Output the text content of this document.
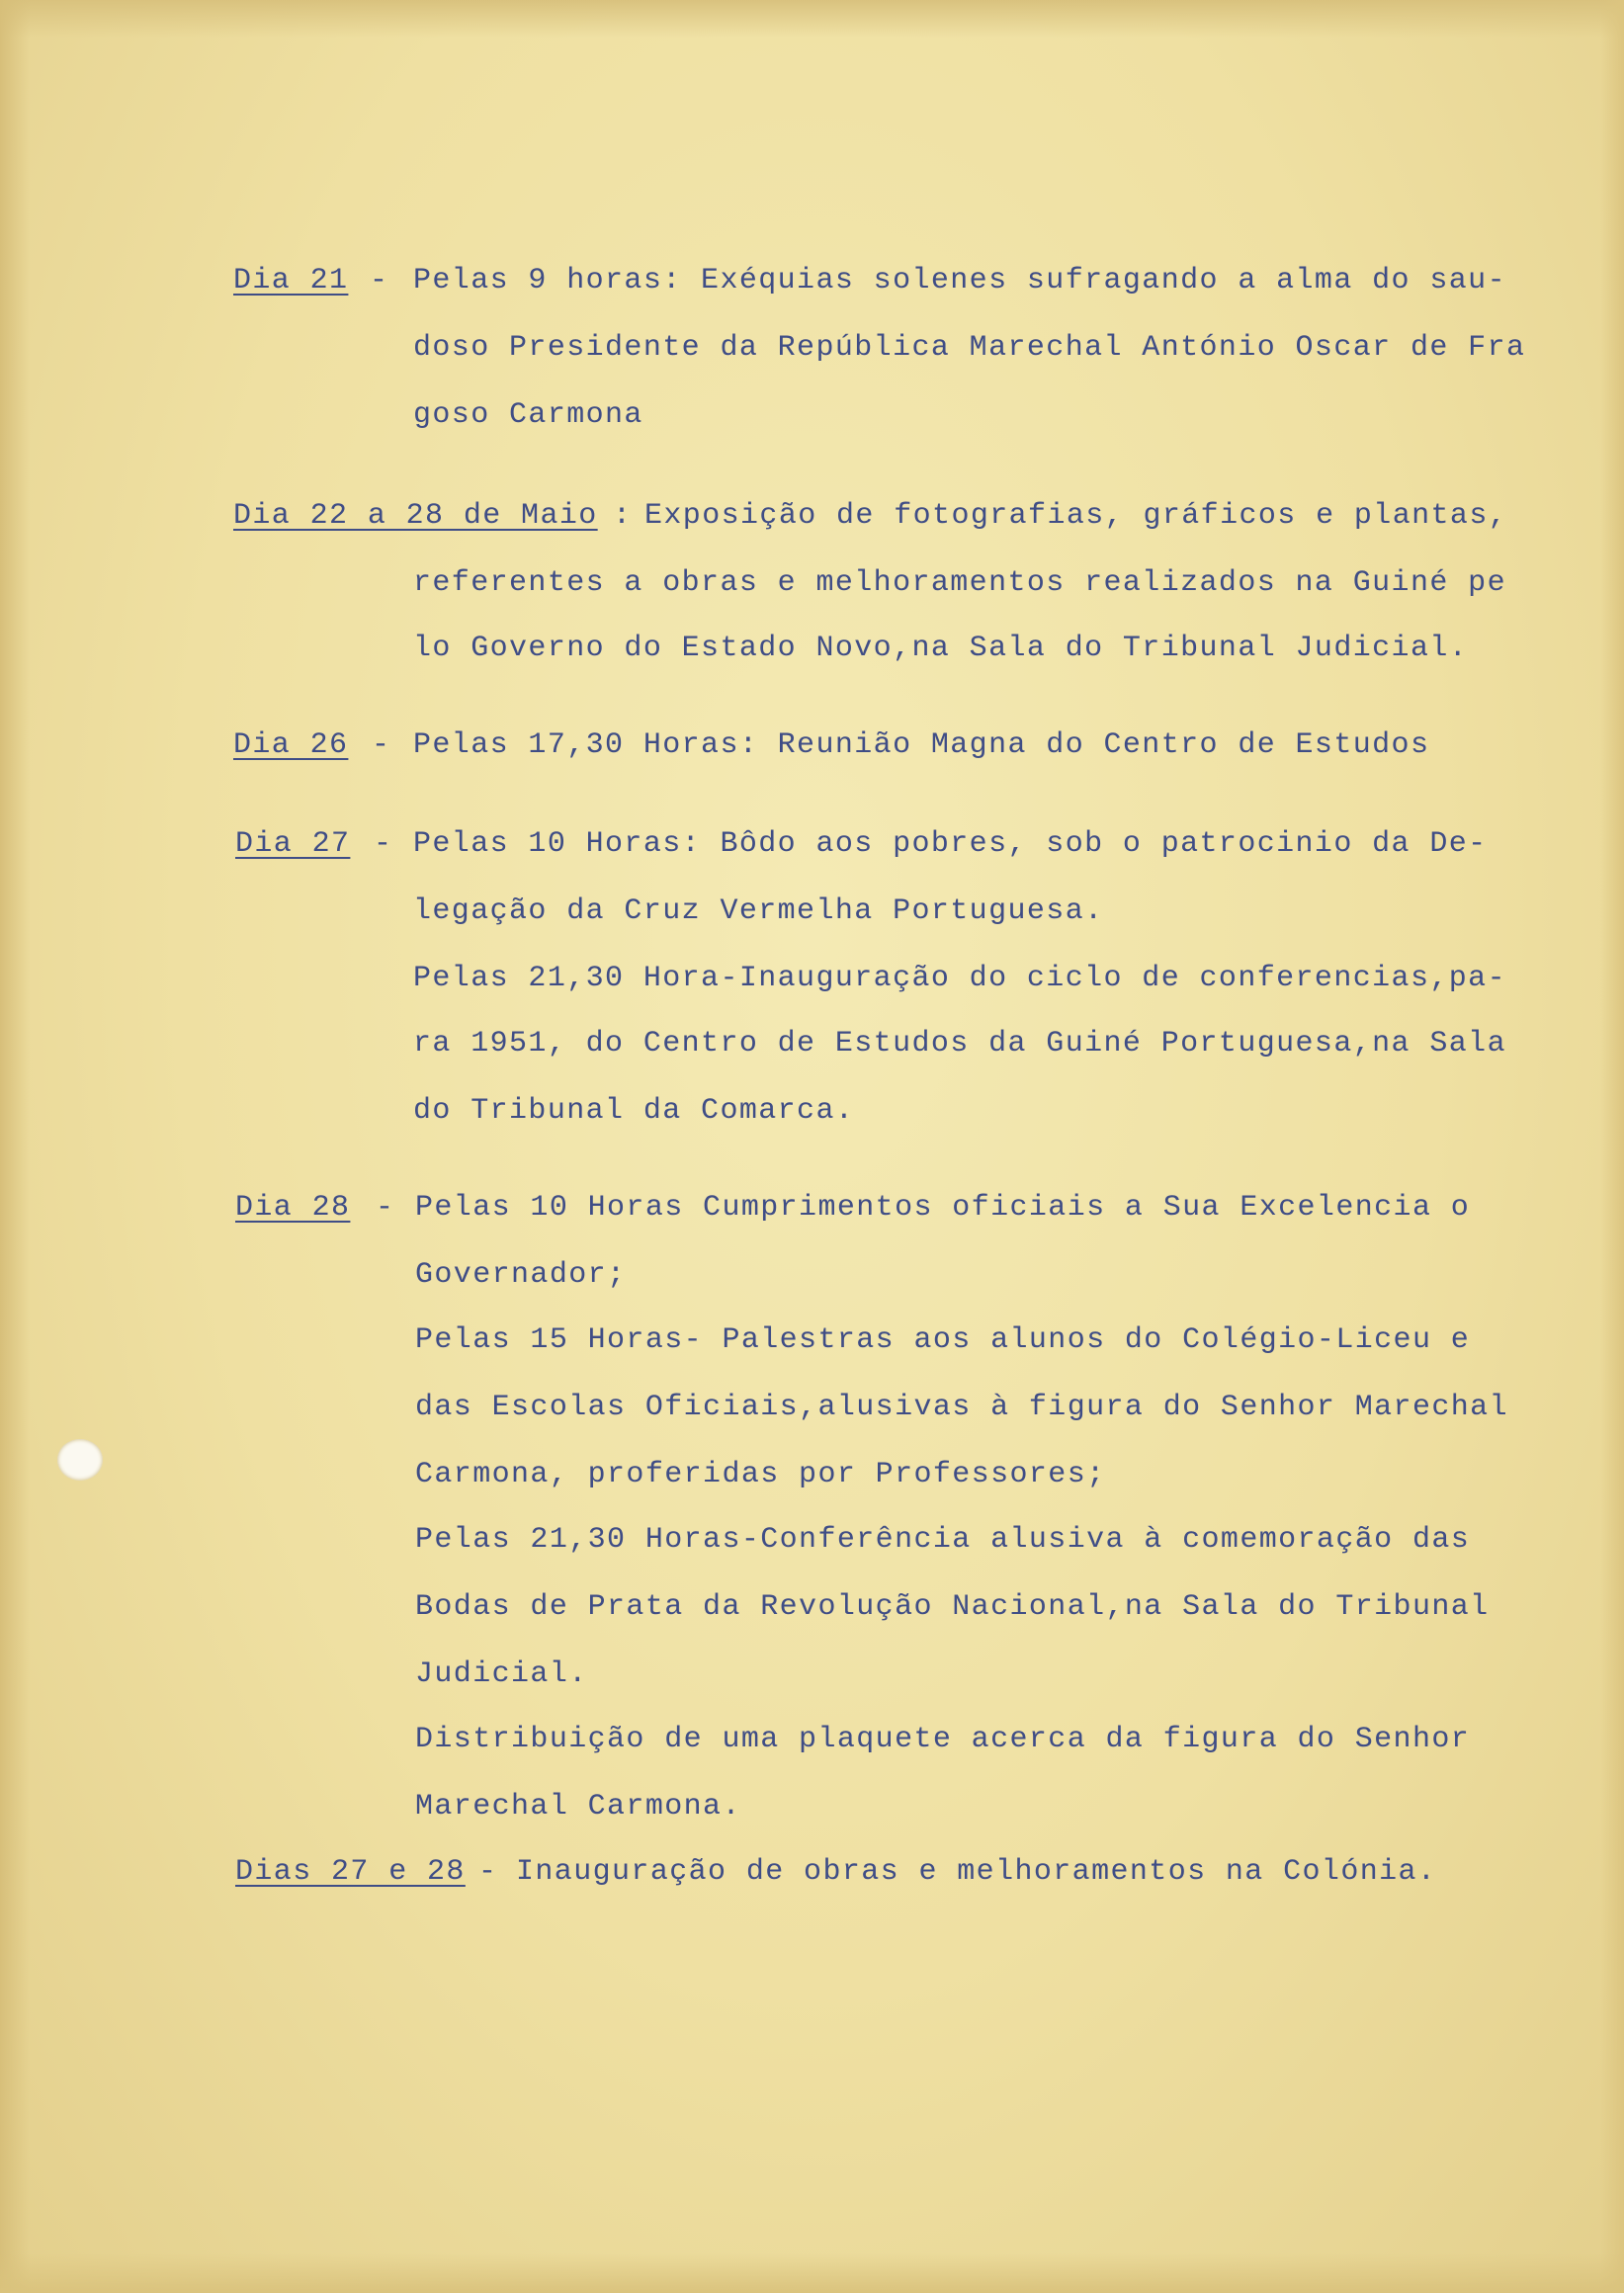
Dia 21 - Pelas 9 horas: Exéquias solenes sufragando a alma do sau-
doso Presidente da República Marechal António Oscar de Fra
goso Carmona
Dia 22 a 28 de Maio : Exposição de fotografias, gráficos e plantas,
referentes a obras e melhoramentos realizados na Guiné pe
lo Governo do Estado Novo,na Sala do Tribunal Judicial.
Dia 26 - Pelas 17,30 Horas: Reunião Magna do Centro de Estudos
Dia 27 - Pelas 10 Horas: Bôdo aos pobres, sob o patrocinio da De-
legação da Cruz Vermelha Portuguesa.
Pelas 21,30 Hora-Inauguração do ciclo de conferencias,pa-
ra 1951, do Centro de Estudos da Guiné Portuguesa,na Sala
do Tribunal da Comarca.
Dia 28 - Pelas 10 Horas Cumprimentos oficiais a Sua Excelencia o
Governador;
Pelas 15 Horas- Palestras aos alunos do Colégio-Liceu e
das Escolas Oficiais,alusivas à figura do Senhor Marechal
Carmona, proferidas por Professores;
Pelas 21,30 Horas-Conferência alusiva à comemoração das
Bodas de Prata da Revolução Nacional,na Sala do Tribunal
Judicial.
Distribuição de uma plaquete acerca da figura do Senhor
Marechal Carmona.
Dias 27 e 28 - Inauguração de obras e melhoramentos na Colónia.
